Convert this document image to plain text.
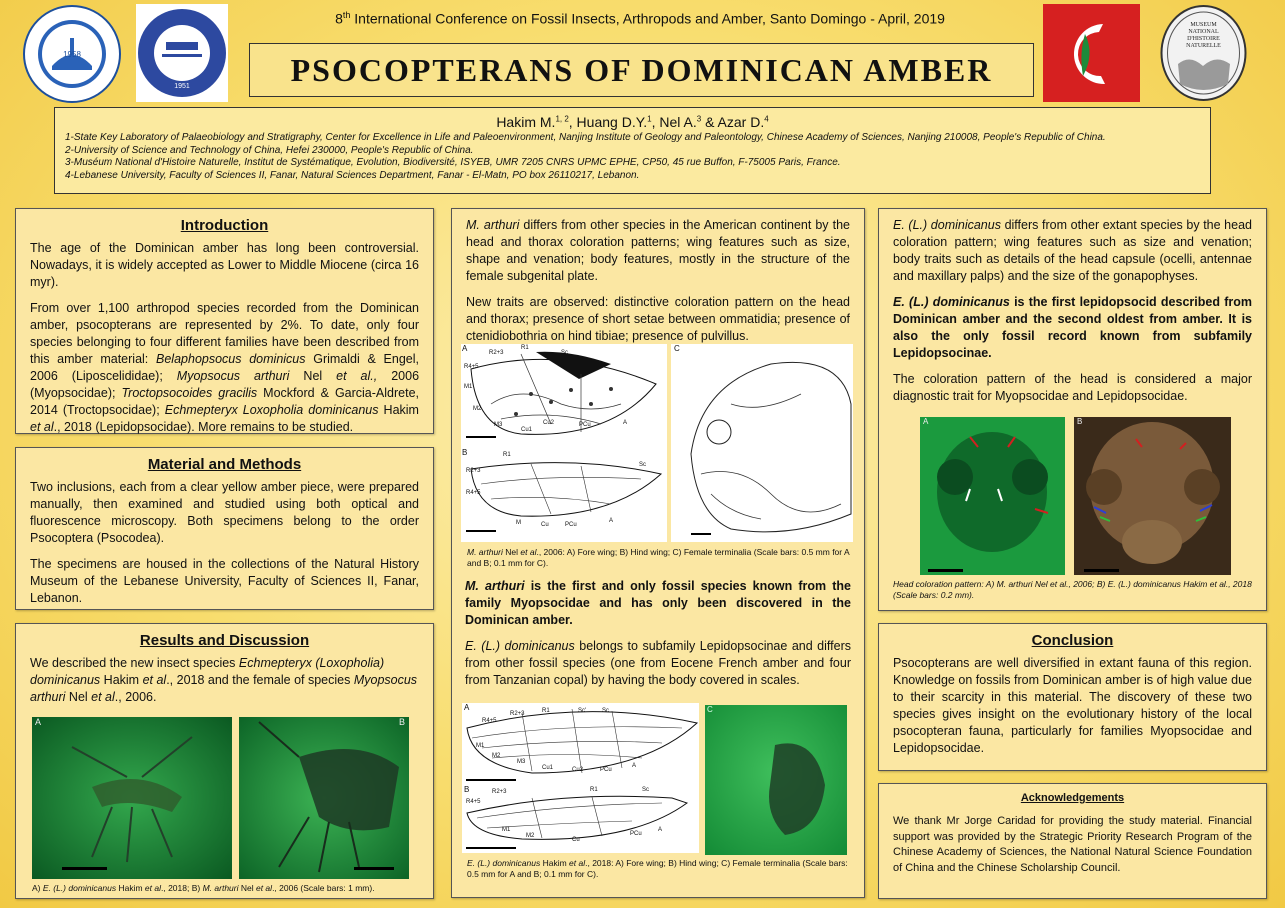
1958
1951
8th International Conference on Fossil Insects, Arthropods and Amber, Santo Domingo - April, 2019
PSOCOPTERANS OF DOMINICAN AMBER
MUSEUM
NATIONAL
D'HISTOIRE
NATURELLE
Hakim M.$^{1, 2}$, Huang D.Y.$^1$, Nel A.$^3$ & Azar D.$^4$
1-State Key Laboratory of Palaeobiology and Stratigraphy, Center for Excellence in Life and Paleoenvironment, Nanjing Institute of Geology and Paleontology, Chinese Academy of Sciences, Nanjing 210008, People's Republic of China.
2-University of Science and Technology of China, Hefei 230000, People's Republic of China.
3-Muséum National d'Histoire Naturelle, Institut de Systématique, Evolution, Biodiversité, ISYEB, UMR 7205 CNRS UPMC EPHE, CP50, 45 rue Buffon, F-75005 Paris, France.
4-Lebanese University, Faculty of Sciences II, Fanar, Natural Sciences Department, Fanar - El-Matn, PO box 26110217, Lebanon.
Introduction

The age of the Dominican amber has long been controversial. Nowadays, it is widely accepted as Lower to Middle Miocene (circa 16 myr).

From over 1,100 arthropod species recorded from the Dominican amber, psocopterans are represented by 2%. To date, only four species belonging to four different families have been described from this amber material: Belaphopsocus dominicus Grimaldi & Engel, 2006 (Liposcelididae); Myopsocus arthuri Nel et al., 2006 (Myopsocidae); Troctopsocoides gracilis Mockford & Garcia-Aldrete, 2014 (Troctopsocidae); Echmepteryx Loxopholia dominicanus Hakim et al., 2018 (Lepidopsocidae). More remains to be studied.

Material and Methods

Two inclusions, each from a clear yellow amber piece, were prepared manually, then examined and studied using both optical and fluorescence microscopy. Both specimens belong to the order Psocoptera (Psocodea).

The specimens are housed in the collections of the Natural History Museum of the Lebanese University, Faculty of Sciences II, Fanar, Lebanon.

Results and Discussion

We described the new insect species Echmepteryx (Loxopholia) dominicanus Hakim et al., 2018 and the female of species Myopsocus arthuri Nel et al., 2006.

A	B
A) E. (L.) dominicanus Hakim et al., 2018; B) M. arthuri Nel et al., 2006 (Scale bars: 1 mm).

M. arthuri differs from other species in the American continent by the head and thorax coloration patterns; wing features such as size, shape and venation; body features, mostly in the structure of the female subgenital plate.

New traits are observed: distinctive coloration pattern on the head and thorax; presence of short setae between ommatidia; presence of ctenidiobothria on hind tibiae; presence of pulvillus.

A	R2+3
R1
Sc
R4+5
M1
M2
M3
Cu1
Cu2	PCu	A
B	R1
Sc
R2+3
R4+5
M	Cu	PCu
A
C
M. arthuri Nel et al., 2006: A) Fore wing; B) Hind wing; C) Female terminalia (Scale bars: 0.5 mm for A and B; 0.1 mm for C).

M. arthuri is the first and only fossil species known from the family Myopsocidae and has only been discovered in the Dominican amber.

E. (L.) dominicanus belongs to subfamily Lepidopsocinae and differs from other fossil species (one from Eocene French amber and four from Tanzanian copal) by having the body covered in scales.

A
R4+5
R2+3	R1	Sc'	Sc
M1
M2
M3
Cu1	Cu2	PCu
A
B	R2+3	R1	Sc
R4+5
M1
M2
Cu
PCu
A
C
E. (L.) dominicanus Hakim et al., 2018: A) Fore wing; B) Hind wing; C) Female terminalia (Scale bars: 0.5 mm for A and B; 0.1 mm for C).

E. (L.) dominicanus differs from other extant species by the head coloration pattern; wing features such as size and venation; body traits such as details of the head capsule (ocelli, antennae and maxillary palps) and the size of the gonapophyses.

E. (L.) dominicanus is the first lepidopsocid described from Dominican amber and the second oldest from amber. It is also the only fossil record known from subfamily Lepidopsocinae.

The coloration pattern of the head is considered a major diagnostic trait for Myopsocidae and Lepidopsocidae.

A	B
Head coloration pattern: A) M. arthuri Nel et al., 2006; B) E. (L.) dominicanus Hakim et al., 2018 (Scale bars: 0.2 mm).
Conclusion

Psocopterans are well diversified in extant fauna of this region. Knowledge on fossils from Dominican amber is of high value due to their scarcity in this material. The discovery of these two species gives insight on the evolutionary history of the local psocopteran fauna, particularly for families Myopsocidae and Lepidopsocidae.

Acknowledgements

We thank Mr Jorge Caridad for providing the study material. Financial support was provided by the Strategic Priority Research Program of the Chinese Academy of Sciences, the National Natural Science Foundation of China and the Chinese Scholarship Council.
